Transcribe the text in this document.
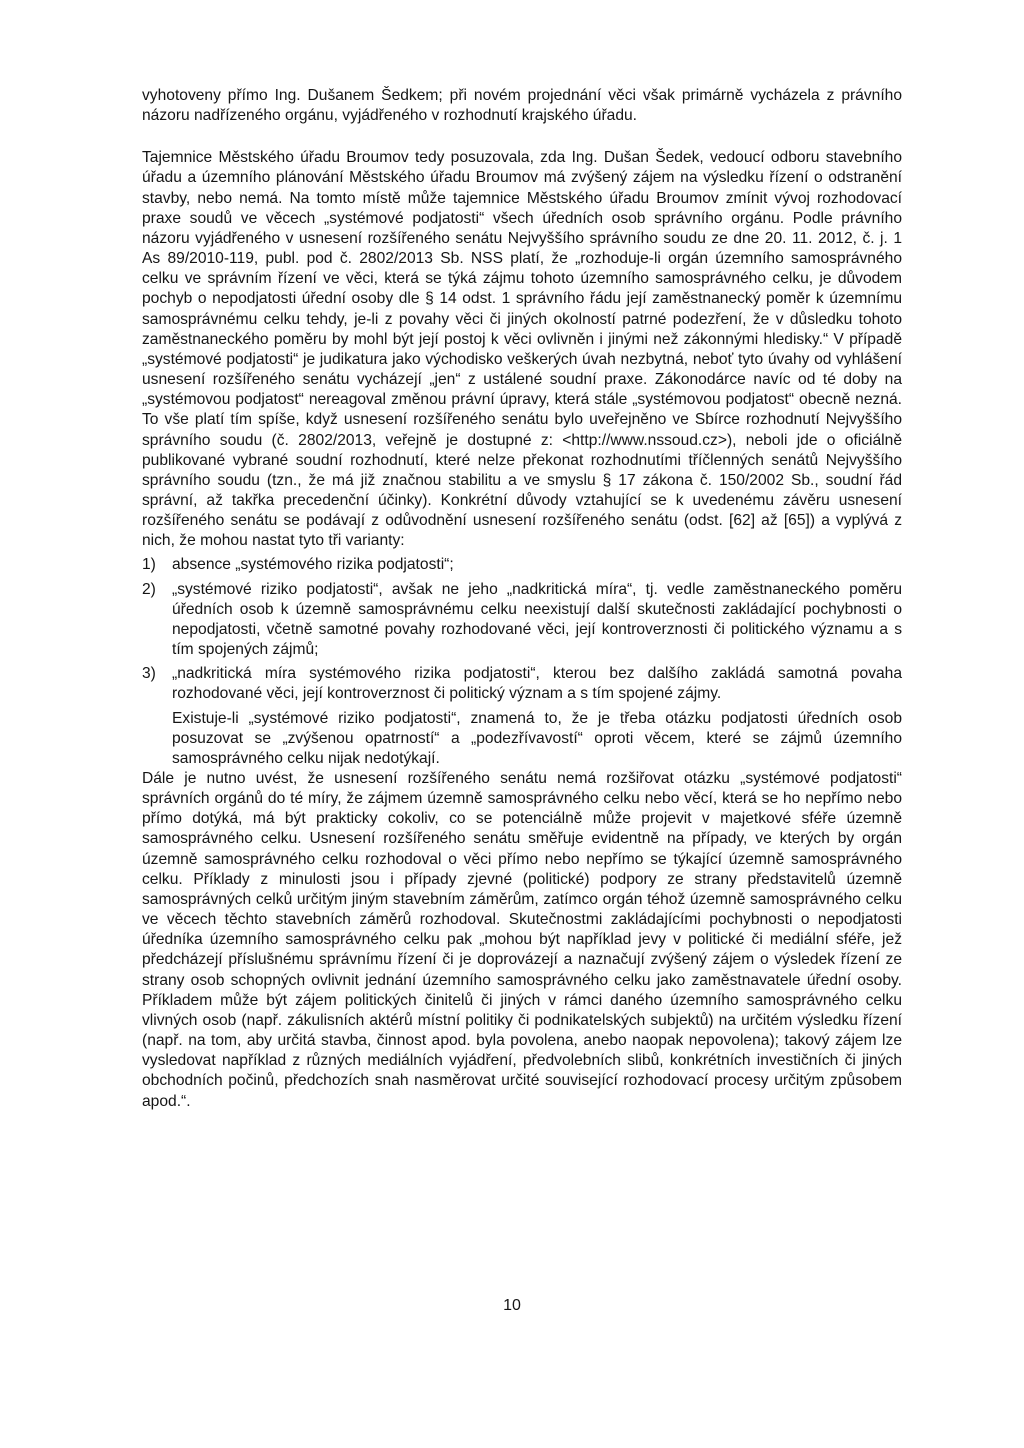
vyhotoveny přímo Ing. Dušanem Šedkem; při novém projednání věci však primárně vycházela z právního názoru nadřízeného orgánu, vyjádřeného v rozhodnutí krajského úřadu.

Tajemnice Městského úřadu Broumov tedy posuzovala, zda Ing. Dušan Šedek, vedoucí odboru stavebního úřadu a územního plánování Městského úřadu Broumov má zvýšený zájem na výsledku řízení o odstranění stavby, nebo nemá. Na tomto místě může tajemnice Městského úřadu Broumov zmínit vývoj rozhodovací praxe soudů ve věcech „systémové podjatosti“ všech úředních osob správního orgánu. Podle právního názoru vyjádřeného v usnesení rozšířeného senátu Nejvyššího správního soudu ze dne 20. 11. 2012, č. j. 1 As 89/2010-119, publ. pod č. 2802/2013 Sb. NSS platí, že „rozhoduje-li orgán územního samosprávného celku ve správním řízení ve věci, která se týká zájmu tohoto územního samosprávného celku, je důvodem pochyb o nepodjatosti úřední osoby dle § 14 odst. 1 správního řádu její zaměstnanecký poměr k územnímu samosprávnému celku tehdy, je-li z povahy věci či jiných okolností patrné podezření, že v důsledku tohoto zaměstnaneckého poměru by mohl být její postoj k věci ovlivněn i jinými než zákonnými hledisky.“ V případě „systémové podjatosti“ je judikatura jako východisko veškerých úvah nezbytná, neboť tyto úvahy od vyhlášení usnesení rozšířeného senátu vycházejí „jen“ z ustálené soudní praxe. Zákonodárce navíc od té doby na „systémovou podjatost“ nereagoval změnou právní úpravy, která stále „systémovou podjatost“ obecně nezná. To vše platí tím spíše, když usnesení rozšířeného senátu bylo uveřejněno ve Sbírce rozhodnutí Nejvyššího správního soudu (č. 2802/2013, veřejně je dostupné z: <http://www.nssoud.cz>), neboli jde o oficiálně publikované vybrané soudní rozhodnutí, které nelze překonat rozhodnutími tříčlenných senátů Nejvyššího správního soudu (tzn., že má již značnou stabilitu a ve smyslu § 17 zákona č. 150/2002 Sb., soudní řád správní, až takřka precedenční účinky). Konkrétní důvody vztahující se k uvedenému závěru usnesení rozšířeného senátu se podávají z odůvodnění usnesení rozšířeného senátu (odst. [62] až [65]) a vyplývá z nich, že mohou nastat tyto tři varianty:

1) absence „systémového rizika podjatosti“;
2) „systémové riziko podjatosti“, avšak ne jeho „nadkritická míra“, tj. vedle zaměstnaneckého poměru úředních osob k územně samosprávnému celku neexistují další skutečnosti zakládající pochybnosti o nepodjatosti, včetně samotné povahy rozhodované věci, její kontroverznosti či politického významu a s tím spojených zájmů;
3) „nadkritická míra systémového rizika podjatosti“, kterou bez dalšího zakládá samotná povaha rozhodované věci, její kontroverznost či politický význam a s tím spojené zájmy.

Existuje-li „systémové riziko podjatosti“, znamená to, že je třeba otázku podjatosti úředních osob posuzovat se „zvýšenou opatrností“ a „podezřívavostí“ oproti věcem, které se zájmů územního samosprávného celku nijak nedotýkají.

Dále je nutno uvést, že usnesení rozšířeného senátu nemá rozšiřovat otázku „systémové podjatosti“ správních orgánů do té míry, že zájmem územně samosprávného celku nebo věcí, která se ho nepřímo nebo přímo dotýká, má být prakticky cokoliv, co se potenciálně může projevit v majetkové sféře územně samosprávného celku. Usnesení rozšířeného senátu směřuje evidentně na případy, ve kterých by orgán územně samosprávného celku rozhodoval o věci přímo nebo nepřímo se týkající územně samosprávného celku. Příklady z minulosti jsou i případy zjevné (politické) podpory ze strany představitelů územně samosprávných celků určitým jiným stavebním záměrům, zatímco orgán téhož územně samosprávného celku ve věcech těchto stavebních záměrů rozhodoval. Skutečnostmi zakládajícími pochybnosti o nepodjatosti úředníka územního samosprávného celku pak „mohou být například jevy v politické či mediální sféře, jež předcházejí příslušnému správnímu řízení či je doprovázejí a naznačují zvýšený zájem o výsledek řízení ze strany osob schopných ovlivnit jednání územního samosprávného celku jako zaměstnavatele úřední osoby. Příkladem může být zájem politických činitelů či jiných v rámci daného územního samosprávného celku vlivných osob (např. zákulisních aktérů místní politiky či podnikatelských subjektů) na určitém výsledku řízení (např. na tom, aby určitá stavba, činnost apod. byla povolena, anebo naopak nepovolena); takový zájem lze vysledovat například z různých mediálních vyjádření, předvolebních slibů, konkrétních investičních či jiných obchodních počinů, předchozích snah nasměrovat určité související rozhodovací procesy určitým způsobem apod.“.

10
